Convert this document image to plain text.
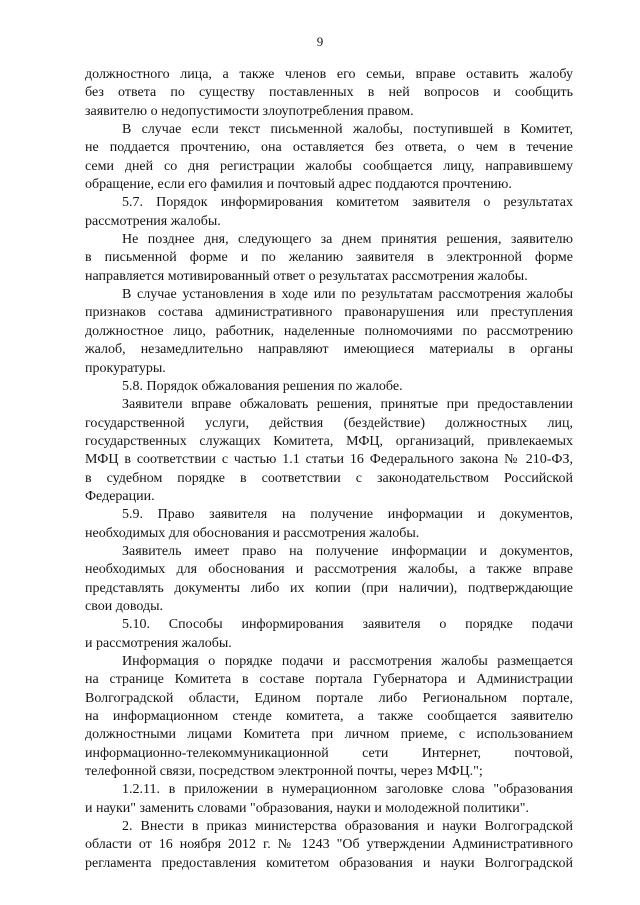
9
должностного лица, а также членов его семьи, вправе оставить жалобу
без ответа по существу поставленных в ней вопросов и сообщить
заявителю о недопустимости злоупотребления правом.
В случае если текст письменной жалобы, поступившей в Комитет,
не поддается прочтению, она оставляется без ответа, о чем в течение
семи дней со дня регистрации жалобы сообщается лицу, направившему
обращение, если его фамилия и почтовый адрес поддаются прочтению.
5.7. Порядок информирования комитетом заявителя о результатах
рассмотрения жалобы.
Не позднее дня, следующего за днем принятия решения, заявителю
в письменной форме и по желанию заявителя в электронной форме
направляется мотивированный ответ о результатах рассмотрения жалобы.
В случае установления в ходе или по результатам рассмотрения жалобы
признаков состава административного правонарушения или преступления
должностное лицо, работник, наделенные полномочиями по рассмотрению
жалоб, незамедлительно направляют имеющиеся материалы в органы
прокуратуры.
5.8. Порядок обжалования решения по жалобе.
Заявители вправе обжаловать решения, принятые при предоставлении
государственной услуги, действия (бездействие) должностных лиц,
государственных служащих Комитета, МФЦ, организаций, привлекаемых
МФЦ в соответствии с частью 1.1 статьи 16 Федерального закона № 210-ФЗ,
в судебном порядке в соответствии с законодательством Российской
Федерации.
5.9. Право заявителя на получение информации и документов,
необходимых для обоснования и рассмотрения жалобы.
Заявитель имеет право на получение информации и документов,
необходимых для обоснования и рассмотрения жалобы, а также вправе
представлять документы либо их копии (при наличии), подтверждающие
свои доводы.
5.10. Способы информирования заявителя о порядке подачи
и рассмотрения жалобы.
Информация о порядке подачи и рассмотрения жалобы размещается
на странице Комитета в составе портала Губернатора и Администрации
Волгоградской области, Едином портале либо Региональном портале,
на информационном стенде комитета, а также сообщается заявителю
должностными лицами Комитета при личном приеме, с использованием
информационно-телекоммуникационной сети Интернет, почтовой,
телефонной связи, посредством электронной почты, через МФЦ.";
1.2.11. в приложении в нумерационном заголовке слова "образования
и науки" заменить словами "образования, науки и молодежной политики".
2. Внести в приказ министерства образования и науки Волгоградской
области от 16 ноября 2012 г. № 1243 "Об утверждении Административного
регламента предоставления комитетом образования и науки Волгоградской
